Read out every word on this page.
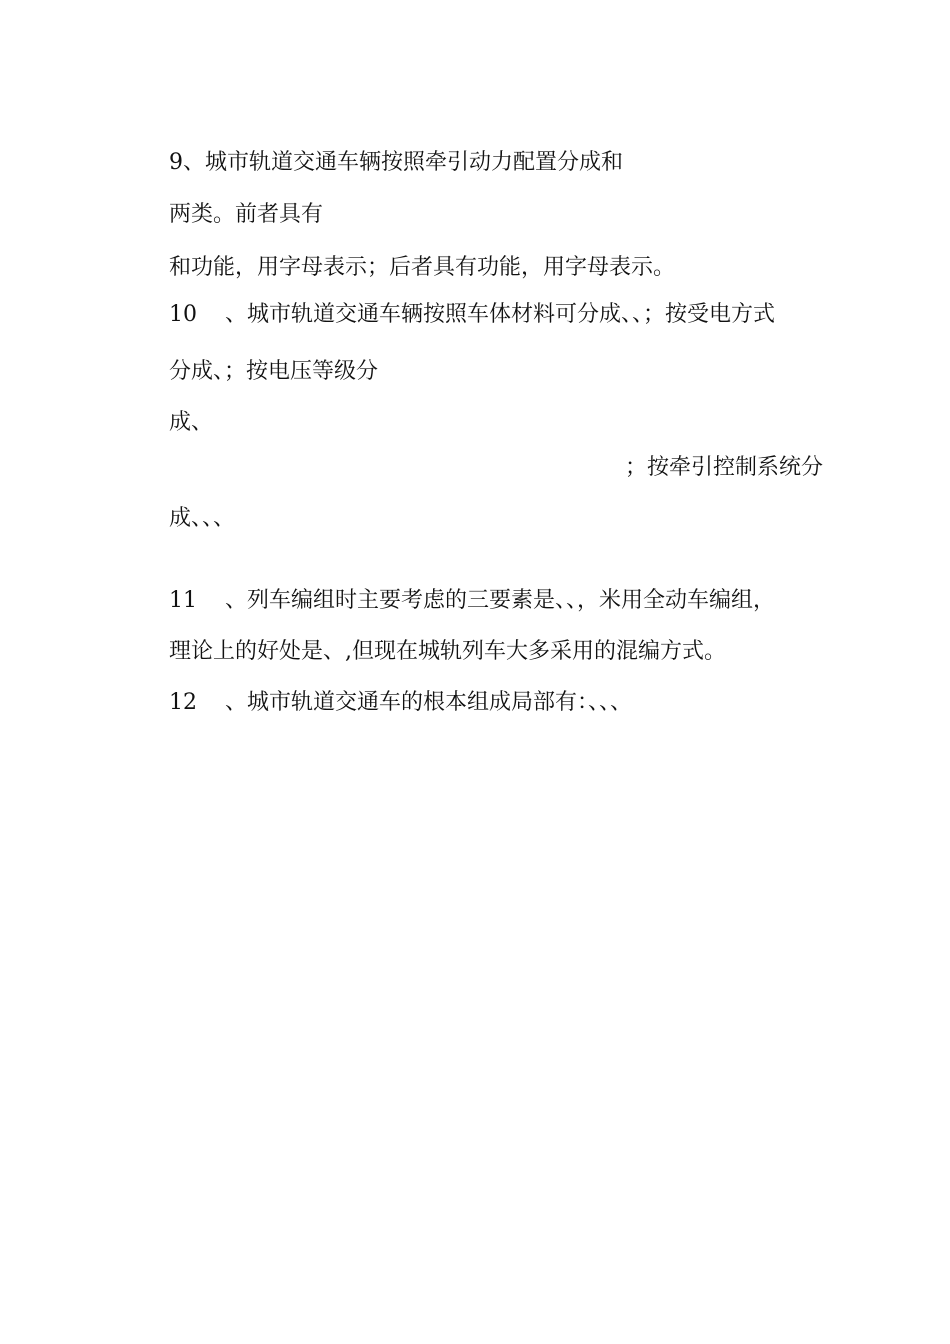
9、城市轨道交通车辆按照牵引动力配置分成和

两类。前者具有

和功能，用字母表示；后者具有功能，用字母表示。

10 、城市轨道交通车辆按照车体材料可分成、、；按受电方式

分成、；按电压等级分

成、

；按牵引控制系统分

成、、、

11 、列车编组时主要考虑的三要素是、、，米用全动车编组，

理论上的好处是、,但现在城轨列车大多采用的混编方式。

12 、城市轨道交通车的根本组成局部有：、、、
